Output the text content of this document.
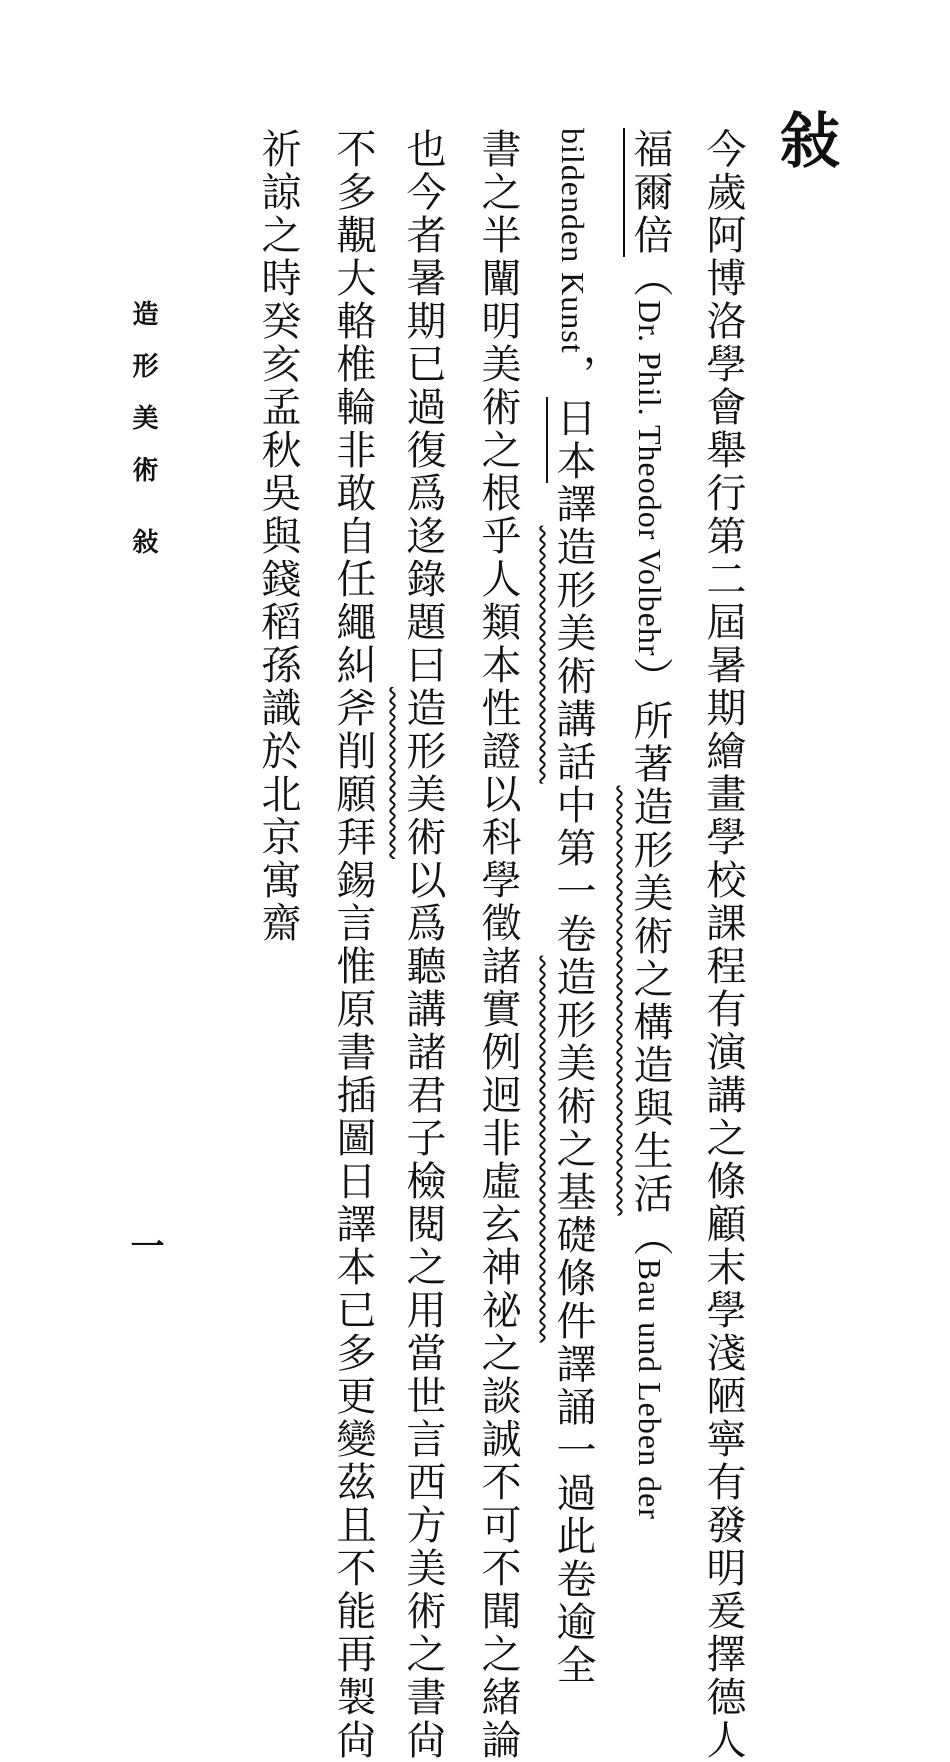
敍
今歲阿博洛學會舉行第二屆暑期繪畫學校課程有演講之條顧末學淺陋寧有發明爰擇德人
福爾倍（Dr. Phil. Theodor Volbehr）所著造形美術之構造與生活（Bau und Leben der
bildenden Kunst，日本譯造形美術講話中第一卷造形美術之基礎條件譯誦一過此卷逾全
書之半闡明美術之根乎人類本性證以科學徵諸實例迥非虛玄神祕之談誠不可不聞之緒論
也今者暑期已過復爲迻錄題曰造形美術以爲聽講諸君子檢閱之用當世言西方美術之書尙
不多覯大輅椎輪非敢自任繩糾斧削願拜錫言惟原書插圖日譯本已多更變茲且不能再製尙
祈諒之時癸亥孟秋吳與錢稻孫識於北京寓齋
造形美術敍
一
